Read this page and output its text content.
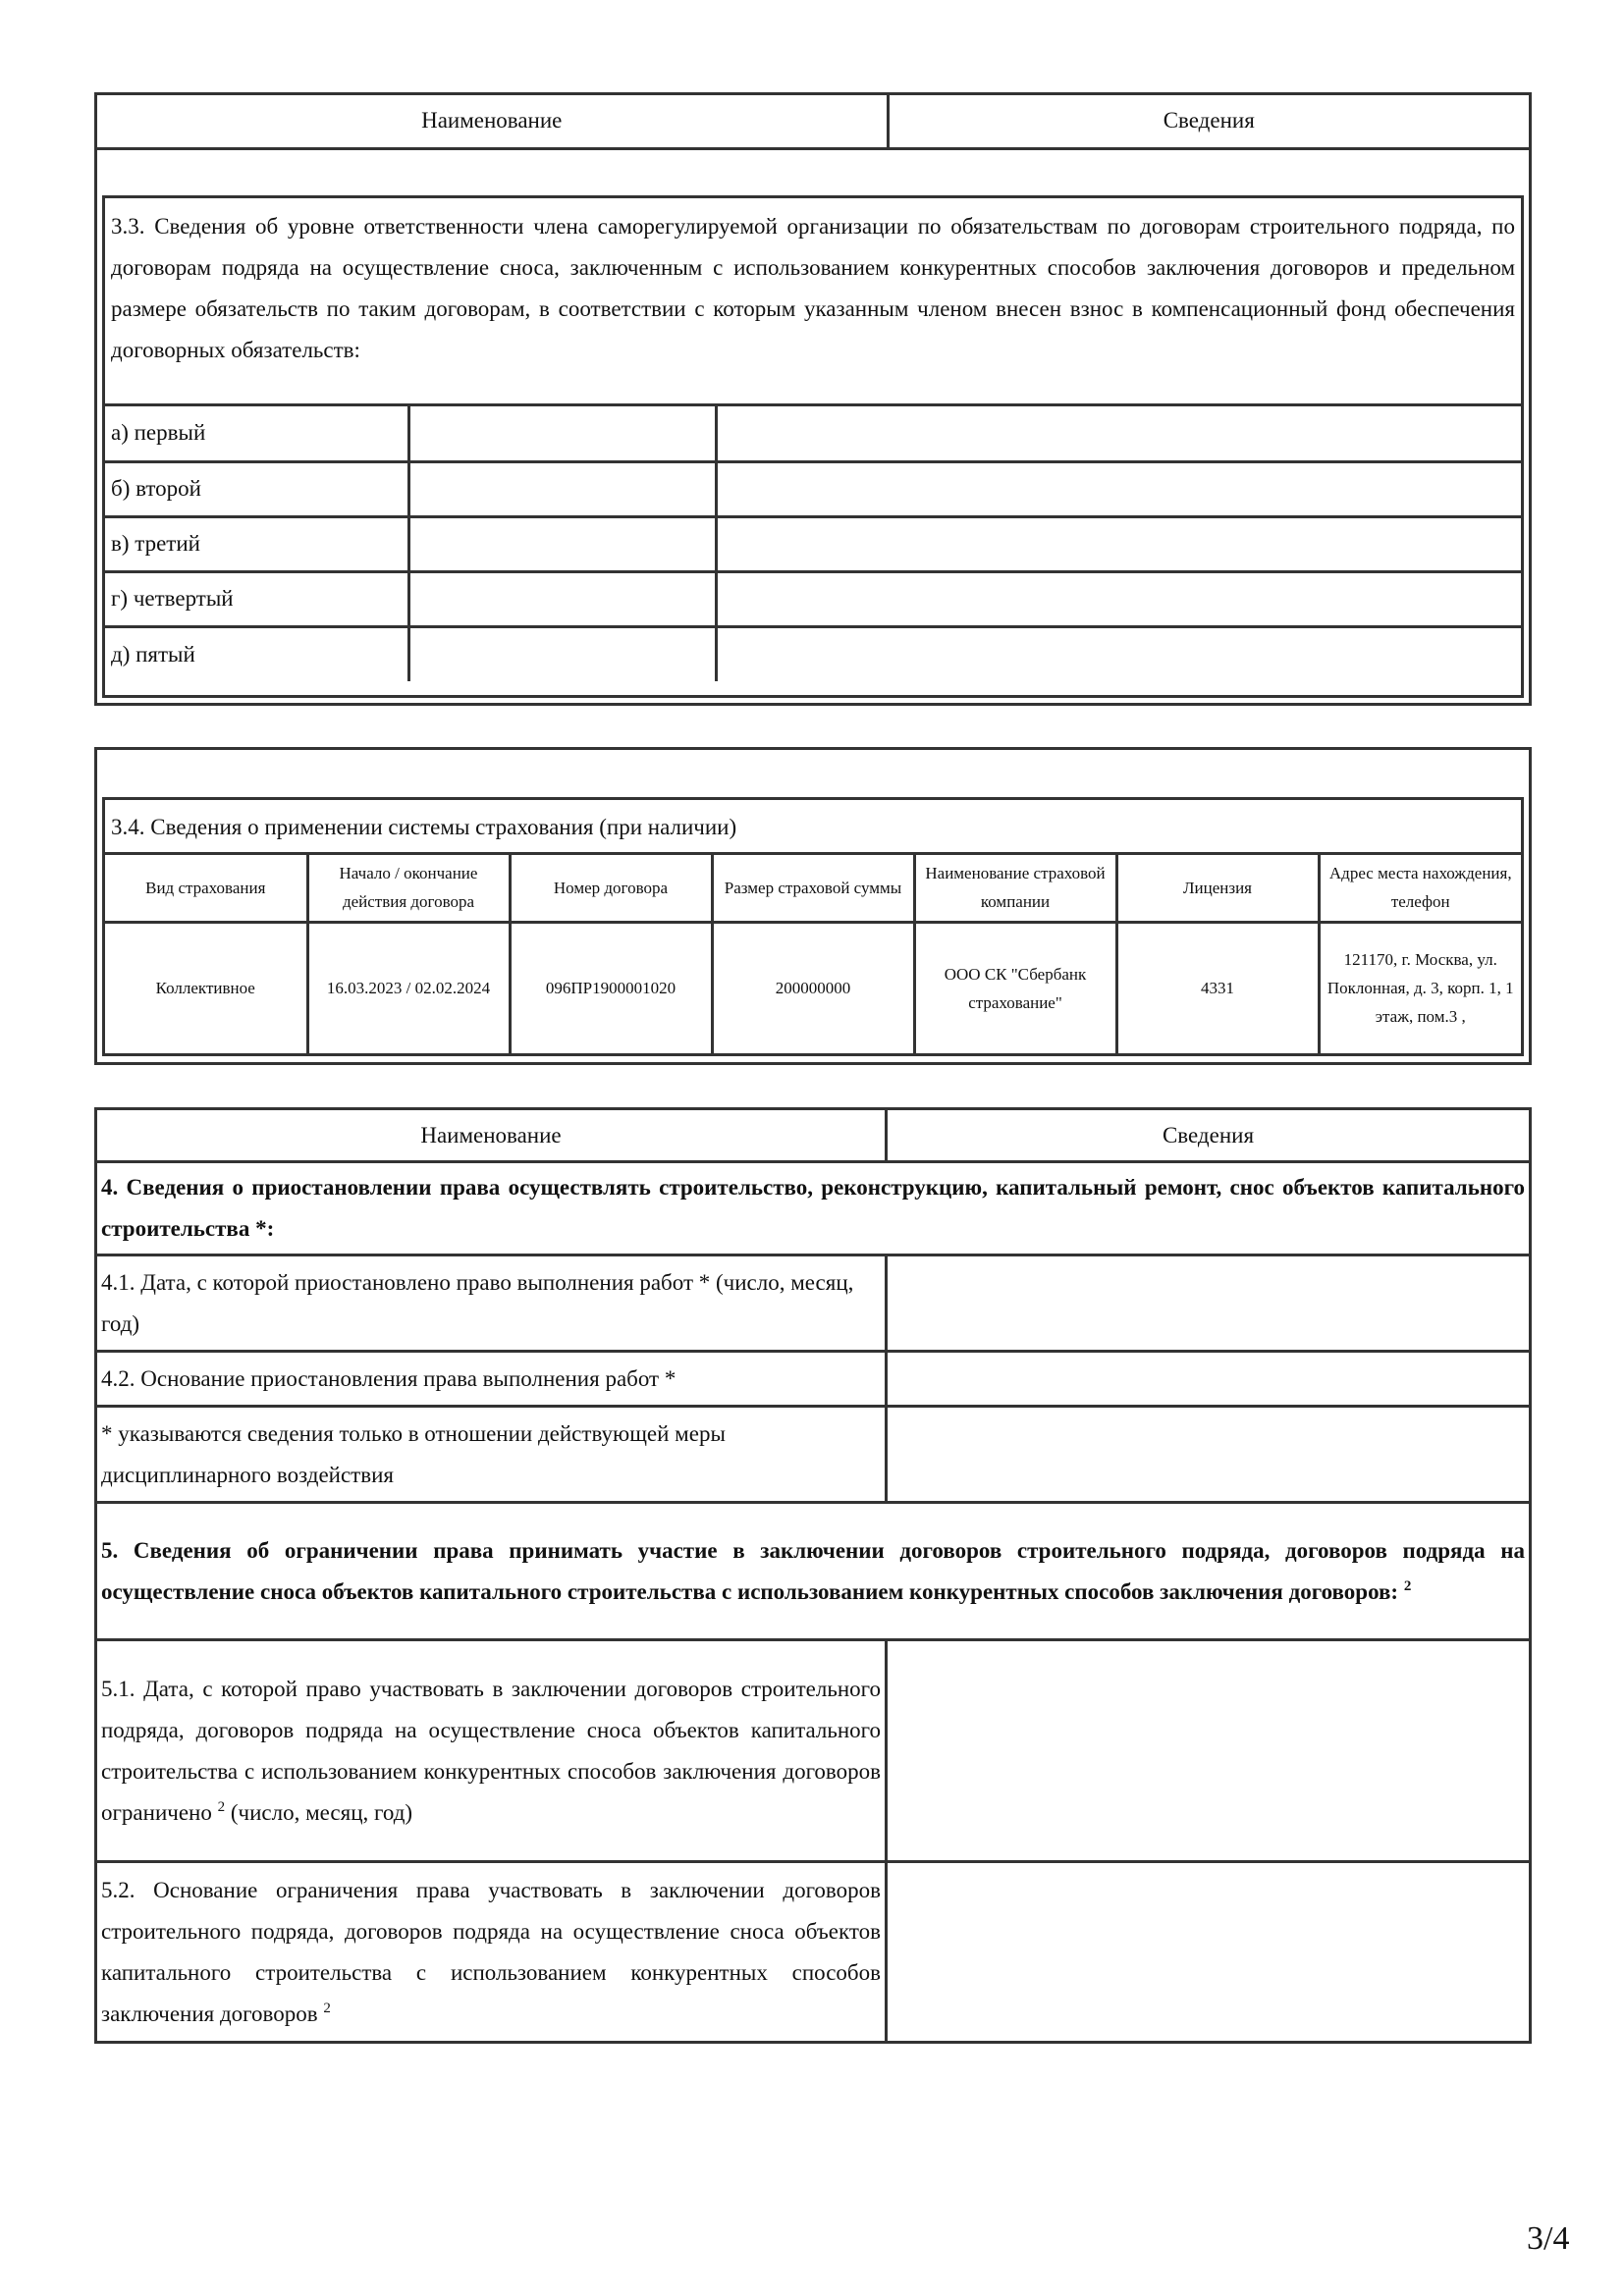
Наименование	Сведения
3.3. Сведения об уровне ответственности члена саморегулируемой организации по обязательствам по договорам строительного подряда, по договорам подряда на осуществление сноса, заключенным с использованием конкурентных способов заключения договоров и предельном размере обязательств по таким договорам, в соответствии с которым указанным членом внесен взнос в компенсационный фонд обеспечения договорных обязательств:
а) первый		
б) второй		
в) третий		
г) четвертый		
д) пятый		
3.4. Сведения о применении системы страхования (при наличии)
Вид страхования	Начало / окончание действия договора	Номер договора	Размер страховой суммы	Наименование страховой компании	Лицензия	Адрес места нахождения, телефон
Коллективное	16.03.2023 / 02.02.2024	096ПР1900001020	200000000	ООО СК "Сбербанк страхование"	4331	121170, г. Москва, ул. Поклонная, д. 3, корп. 1, 1 этаж, пом.3 ,
Наименование	Сведения
4. Сведения о приостановлении права осуществлять строительство, реконструкцию, капитальный ремонт, снос объектов капитального строительства *:	
4.1. Дата, с которой приостановлено право выполнения работ * (число, месяц, год)	
4.2. Основание приостановления права выполнения работ *	
* указываются сведения только в отношении действующей меры дисциплинарного воздействия	
5. Сведения об ограничении права принимать участие в заключении договоров строительного подряда, договоров подряда на осуществление сноса объектов капитального строительства с использованием конкурентных способов заключения договоров: $^2$
5.1. Дата, с которой право участвовать в заключении договоров строительного подряда, договоров подряда на осуществление сноса объектов капитального строительства с использованием конкурентных способов заключения договоров ограничено $^2$ (число, месяц, год)	
5.2. Основание ограничения права участвовать в заключении договоров строительного подряда, договоров подряда на осуществление сноса объектов капитального строительства с использованием конкурентных способов заключения договоров $^2$	
3/4
